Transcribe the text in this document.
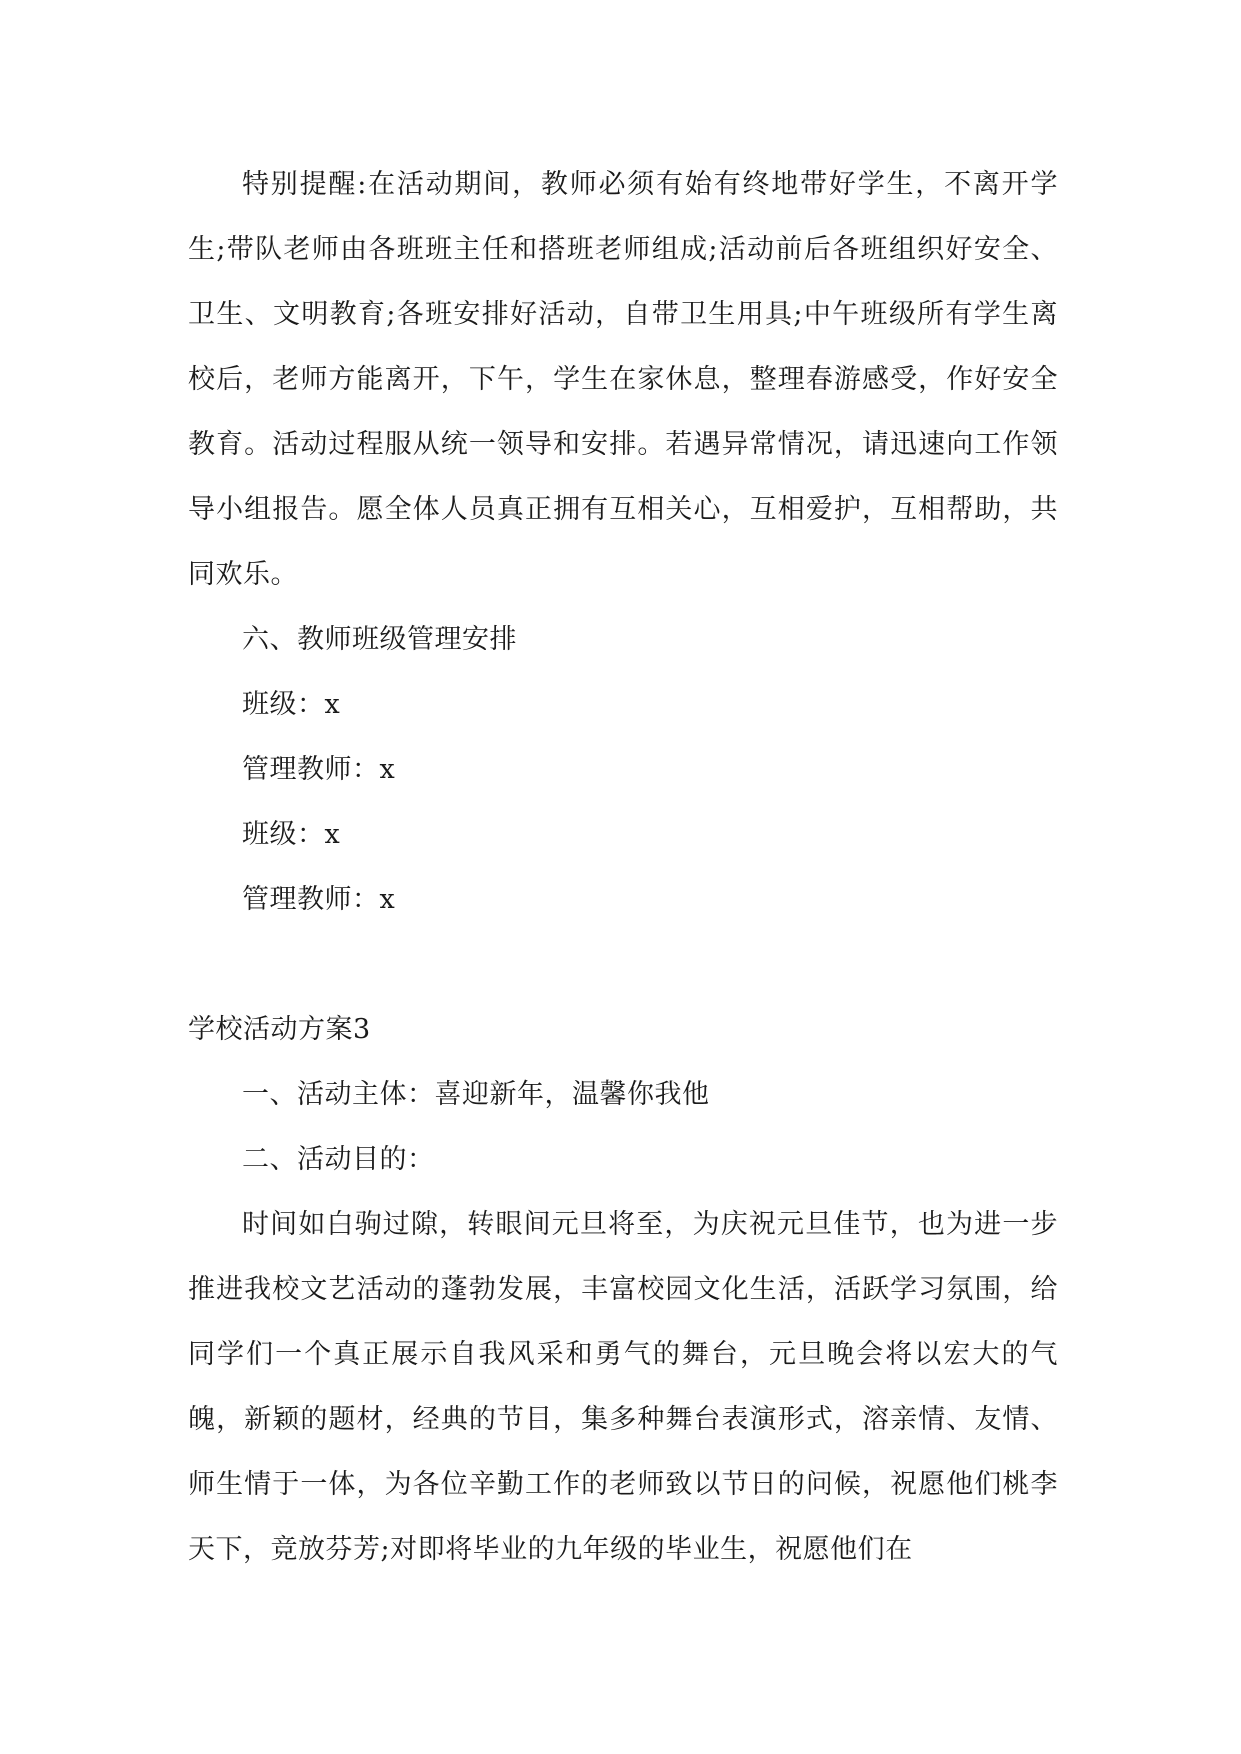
特别提醒:在活动期间，教师必须有始有终地带好学生，不离开学生;带队老师由各班班主任和搭班老师组成;活动前后各班组织好安全、卫生、文明教育;各班安排好活动，自带卫生用具;中午班级所有学生离校后，老师方能离开，下午，学生在家休息，整理春游感受，作好安全教育。活动过程服从统一领导和安排。若遇异常情况，请迅速向工作领导小组报告。愿全体人员真正拥有互相关心，互相爱护，互相帮助，共同欢乐。

六、教师班级管理安排

班级：x

管理教师：x

班级：x

管理教师：x

学校活动方案3

一、活动主体：喜迎新年，温馨你我他

二、活动目的：

时间如白驹过隙，转眼间元旦将至，为庆祝元旦佳节，也为进一步推进我校文艺活动的蓬勃发展，丰富校园文化生活，活跃学习氛围，给同学们一个真正展示自我风采和勇气的舞台，元旦晚会将以宏大的气魄，新颖的题材，经典的节目，集多种舞台表演形式，溶亲情、友情、师生情于一体，为各位辛勤工作的老师致以节日的问候，祝愿他们桃李天下，竞放芬芳;对即将毕业的九年级的毕业生，祝愿他们在
